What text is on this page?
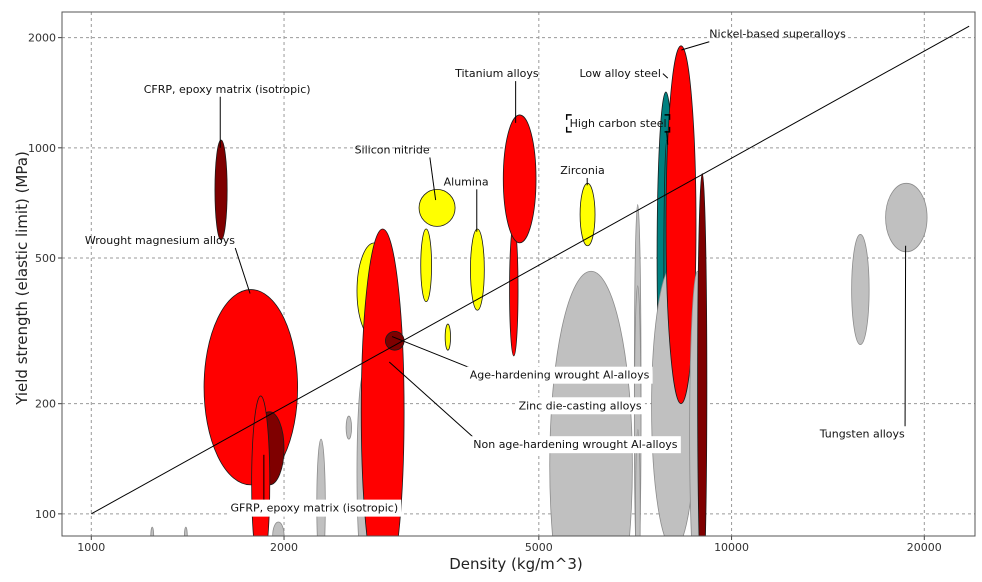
1000	2000	5000	10000	20000
100
200
500
1000
2000
CFRP, epoxy matrix (isotropic)
Silicon nitride
Titanium alloys
Alumina
Zirconia
Low alloy steel
High carbon steel
Nickel-based superalloys
Wrought magnesium alloys
Age-hardening wrought Al-alloys
Zinc die-casting alloys
Non age-hardening wrought Al-alloys
GFRP, epoxy matrix (isotropic)
Tungsten alloys
Density (kg/m^3)
Yield strength (elastic limit) (MPa)
